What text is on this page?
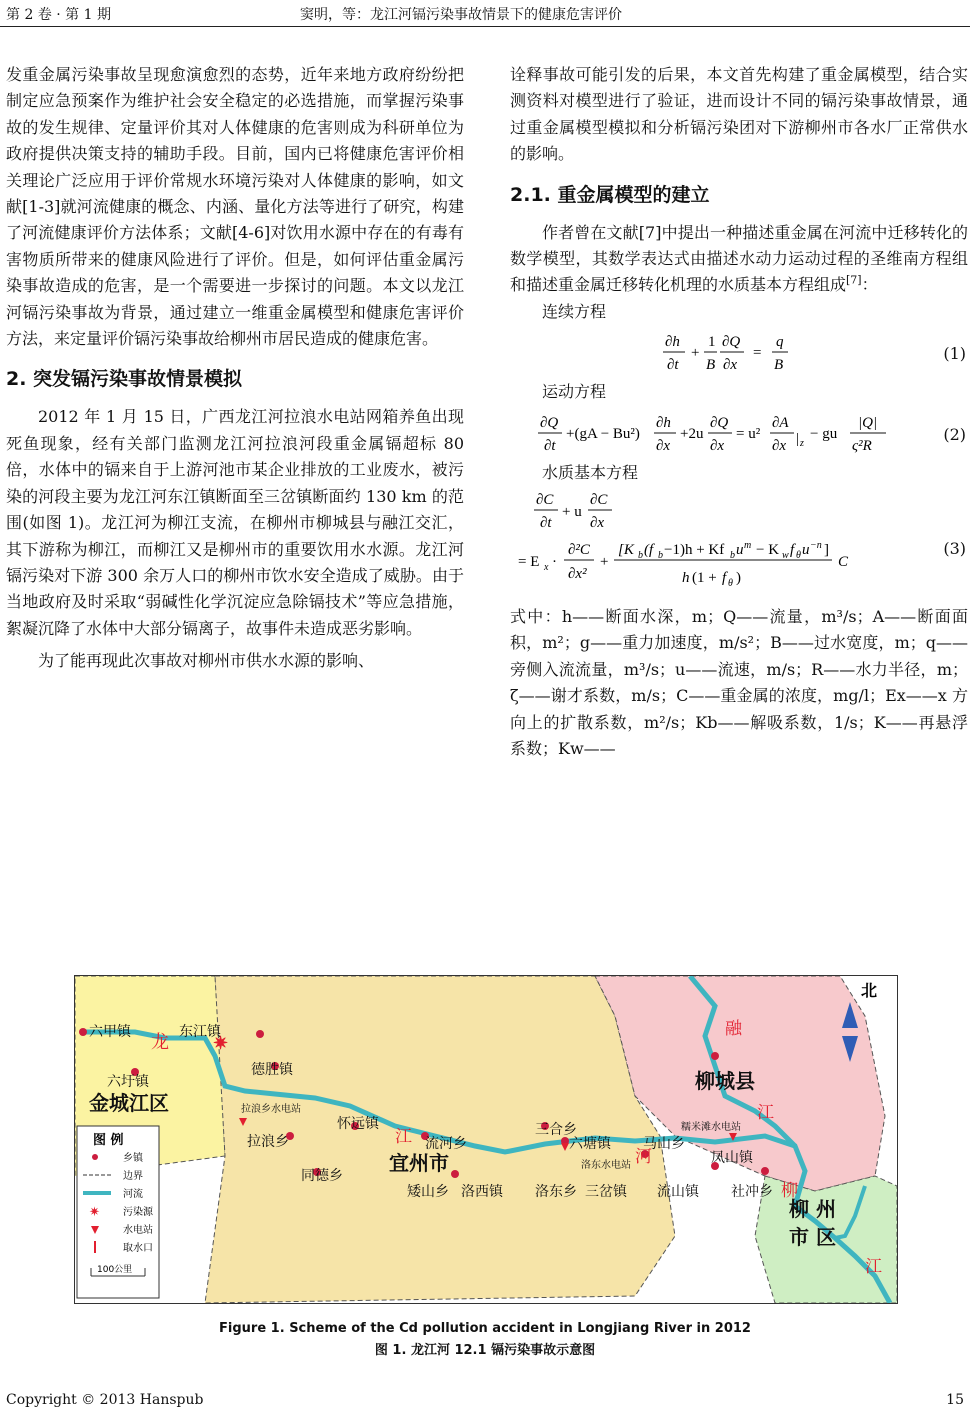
第 2 卷 · 第 1 期	窦明，等：龙江河镉污染事故情景下的健康危害评价

发重金属污染事故呈现愈演愈烈的态势，近年来地方政府纷纷把制定应急预案作为维护社会安全稳定的必选措施，而掌握污染事故的发生规律、定量评价其对人体健康的危害则成为科研单位为政府提供决策支持的辅助手段。目前，国内已将健康危害评价相关理论广泛应用于评价常规水环境污染对人体健康的影响，如文献[1-3]就河流健康的概念、内涵、量化方法等进行了研究，构建了河流健康评价方法体系；文献[4-6]对饮用水源中存在的有毒有害物质所带来的健康风险进行了评价。但是，如何评估重金属污染事故造成的危害，是一个需要进一步探讨的问题。本文以龙江河镉污染事故为背景，通过建立一维重金属模型和健康危害评价方法，来定量评价镉污染事故给柳州市居民造成的健康危害。

2. 突发镉污染事故情景模拟

2012 年 1 月 15 日，广西龙江河拉浪水电站网箱养鱼出现死鱼现象，经有关部门监测龙江河拉浪河段重金属镉超标 80 倍，水体中的镉来自于上游河池市某企业排放的工业废水，被污染的河段主要为龙江河东江镇断面至三岔镇断面约 130 km 的范围(如图 1)。龙江河为柳江支流，在柳州市柳城县与融江交汇，其下游称为柳江，而柳江又是柳州市的重要饮用水水源。龙江河镉污染对下游 300 余万人口的柳州市饮水安全造成了威胁。由于当地政府及时采取“弱碱性化学沉淀应急除镉技术”等应急措施，絮凝沉降了水体中大部分镉离子，故事件未造成恶劣影响。

为了能再现此次事故对柳州市供水水源的影响、

诠释事故可能引发的后果，本文首先构建了重金属模型，结合实测资料对模型进行了验证，进而设计不同的镉污染事故情景，通过重金属模型模拟和分析镉污染团对下游柳州市各水厂正常供水的影响。

2.1. 重金属模型的建立

作者曾在文献[7]中提出一种描述重金属在河流中迁移转化的数学模型，其数学表达式由描述水动力运动过程的圣维南方程组和描述重金属迁移转化机理的水质基本方程组成[7]：

连续方程

∂h
∂t
+
1
B
∂Q
∂x
=
q
B
(1)

运动方程

∂Q
∂t
+(gA − Bu²)
∂h
∂x
+2u
∂Q
∂x
= u²
∂A
∂x | z
− gu
|Q|
ς²R
(2)

水质基本方程

∂C
∂t
+ u
∂C
∂x
= E x ·
∂²C
∂x²
+
[K b (f b −1)h + Kf b u m − K w f θ u −n ]
h (1 + f θ )
C
(3)

式中：h——断面水深，m；Q——流量，m³/s；A——断面面积，m²；g——重力加速度，m/s²；B——过水宽度，m；q——旁侧入流流量，m³/s；u——流速，m/s；R——水力半径，m；ζ——谢才系数，m/s；C——重金属的浓度，mg/l；Ex——x 方向上的扩散系数，m²/s；Kb——解吸系数，1/s；K——再悬浮系数；Kw——

北
✷
六甲镇	东江镇
龙
六圩镇
金城江区
德胜镇
拉浪乡水电站
拉浪乡
怀远镇
江 流河乡
宜州市
同德乡
矮山乡 洛西镇
三合乡
六塘镇 马山乡
洛东水电站 河
洛东乡 三岔镇 流山镇 社冲乡
糯米滩水电站
凤山镇
融
柳城县
江
柳
柳 州
市 区
江
图 例
乡镇
边界
河流
✷ 污染源
水电站
取水口
100公里
Figure 1. Scheme of the Cd pollution accident in Longjiang River in 2012
图 1. 龙江河 12.1 镉污染事故示意图
Copyright © 2013 Hanspub	15
